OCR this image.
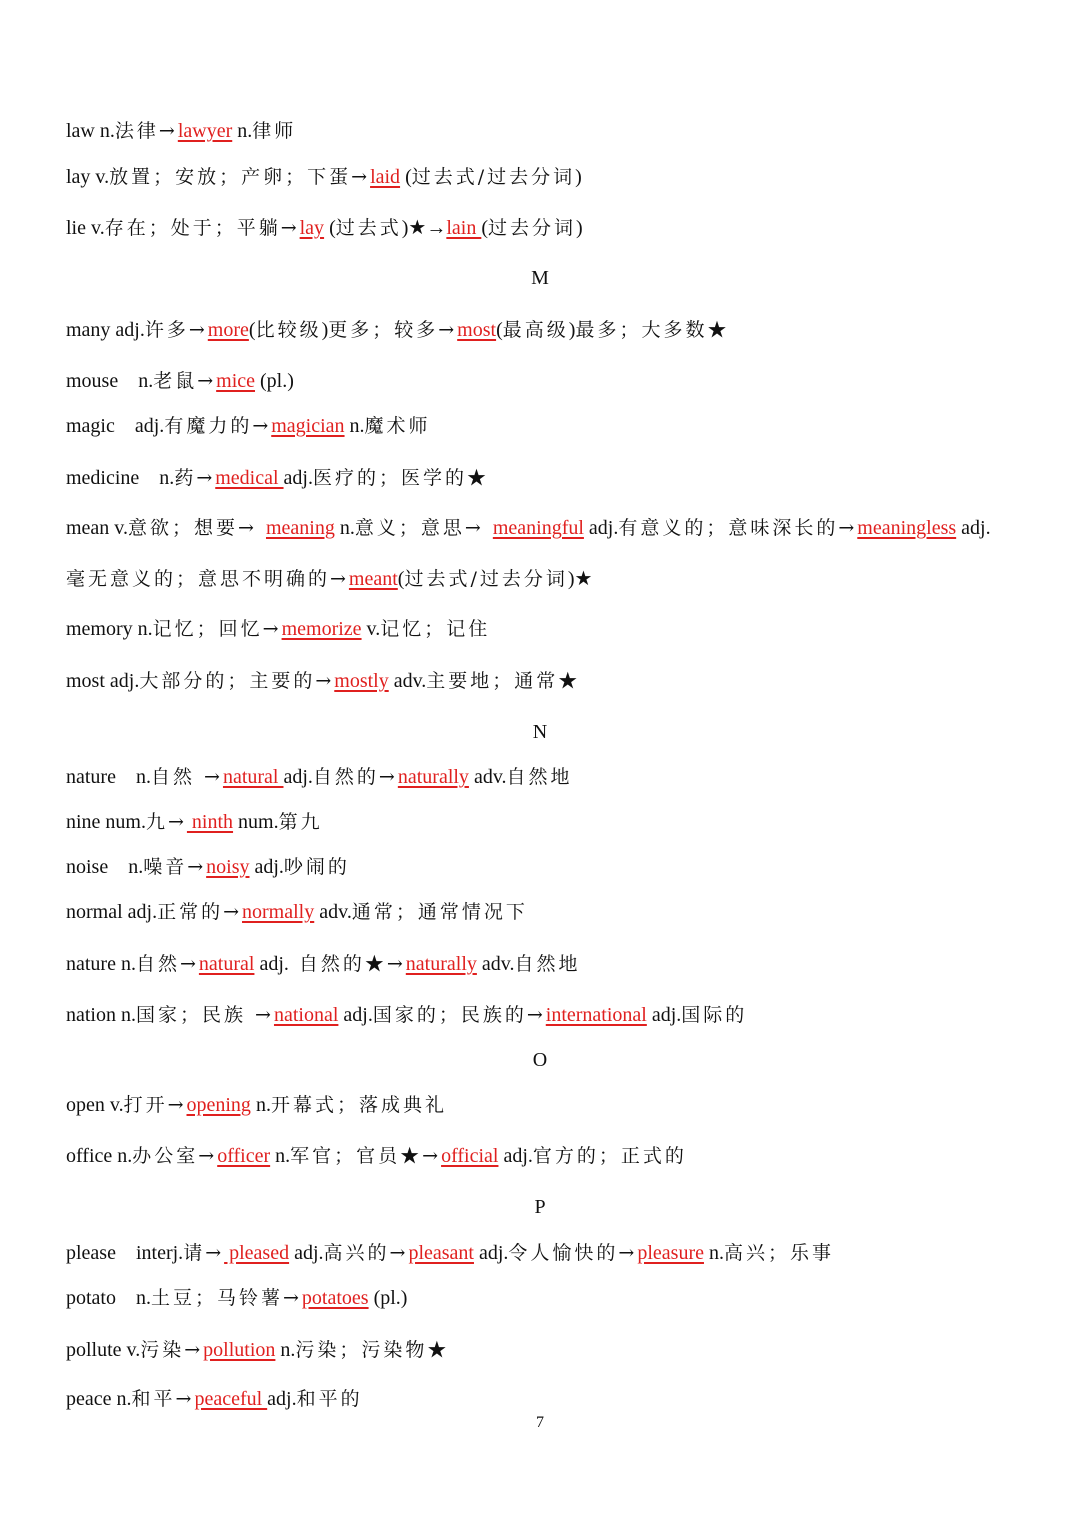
M
N
O
P
law n.法律→lawyer n.律师
lay v.放置；安放；产卵；下蛋→laid (过去式/过去分词)
lie v.存在；处于；平躺→lay (过去式)★→lain (过去分词)
many adj.许多→more(比较级)更多；较多→most(最高级)最多；大多数★
mouse    n.老鼠→mice (pl.)
magic    adj.有魔力的→magician n.魔术师
medicine    n.药→medical adj.医疗的；医学的★
mean v.意欲；想要→ meaning n.意义；意思→ meaningful adj.有意义的；意味深长的→meaningless adj.
毫无意义的；意思不明确的→meant(过去式/过去分词)★
memory n.记忆；回忆→memorize v.记忆；记住
most adj.大部分的；主要的→mostly adv.主要地；通常★
nature    n.自然 →natural adj.自然的→naturally adv.自然地
nine num.九→ ninth num.第九
noise    n.噪音→noisy adj.吵闹的
normal adj.正常的→normally adv.通常；通常情况下
nature n.自然→natural adj.  自然的★→naturally adv.自然地
nation n.国家；民族 →national adj.国家的；民族的→international adj.国际的
open v.打开→opening n.开幕式；落成典礼
office n.办公室→officer n.军官；官员★→official adj.官方的；正式的
please    interj.请→ pleased adj.高兴的→pleasant adj.令人愉快的→pleasure n.高兴；乐事
potato    n.土豆；马铃薯→potatoes (pl.)
pollute v.污染→pollution n.污染；污染物★
peace n.和平→peaceful adj.和平的
7
